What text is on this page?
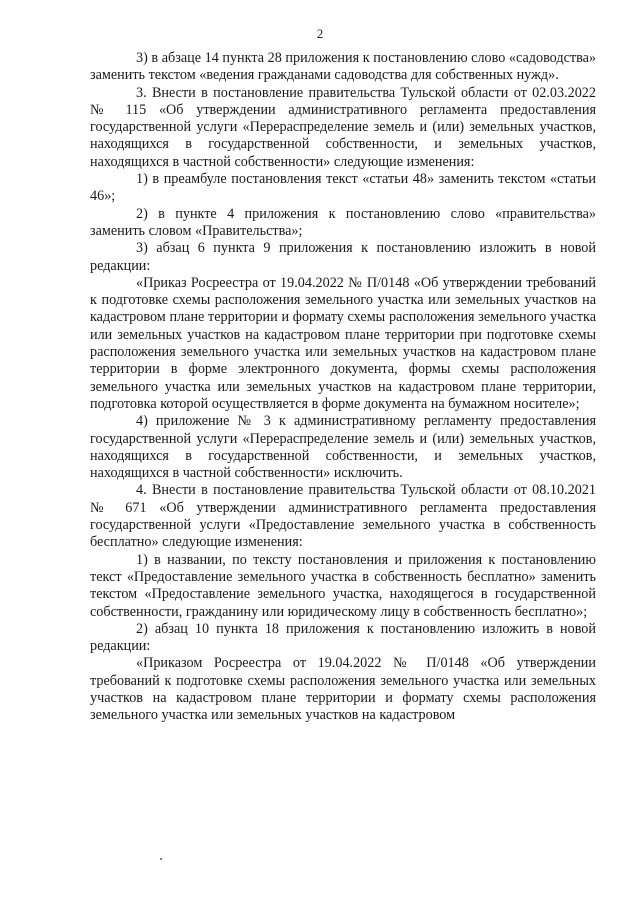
2

3) в абзаце 14 пункта 28 приложения к постановлению слово «садоводства» заменить текстом «ведения гражданами садоводства для собственных нужд».

3. Внести в постановление правительства Тульской области от 02.03.2022 № 115 «Об утверждении административного регламента предоставления государственной услуги «Перераспределение земель и (или) земельных участков, находящихся в государственной собственности, и земельных участков, находящихся в частной собственности» следующие изменения:

1) в преамбуле постановления текст «статьи 48» заменить текстом «статьи 46»;

2) в пункте 4 приложения к постановлению слово «правительства» заменить словом «Правительства»;

3) абзац 6 пункта 9 приложения к постановлению изложить в новой редакции:

«Приказ Росреестра от 19.04.2022 № П/0148 «Об утверждении требований к подготовке схемы расположения земельного участка или земельных участков на кадастровом плане территории и формату схемы расположения земельного участка или земельных участков на кадастровом плане территории при подготовке схемы расположения земельного участка или земельных участков на кадастровом плане территории в форме электронного документа, формы схемы расположения земельного участка или земельных участков на кадастровом плане территории, подготовка которой осуществляется в форме документа на бумажном носителе»;

4) приложение № 3 к административному регламенту предоставления государственной услуги «Перераспределение земель и (или) земельных участков, находящихся в государственной собственности, и земельных участков, находящихся в частной собственности» исключить.

4. Внести в постановление правительства Тульской области от 08.10.2021 № 671 «Об утверждении административного регламента предоставления государственной услуги «Предоставление земельного участка в собственность бесплатно» следующие изменения:

1) в названии, по тексту постановления и приложения к постановлению текст «Предоставление земельного участка в собственность бесплатно» заменить текстом «Предоставление земельного участка, находящегося в государственной собственности, гражданину или юридическому лицу в собственность бесплатно»;

2) абзац 10 пункта 18 приложения к постановлению изложить в новой редакции:

«Приказом Росреестра от 19.04.2022 № П/0148 «Об утверждении требований к подготовке схемы расположения земельного участка или земельных участков на кадастровом плане территории и формату схемы расположения земельного участка или земельных участков на кадастровом
